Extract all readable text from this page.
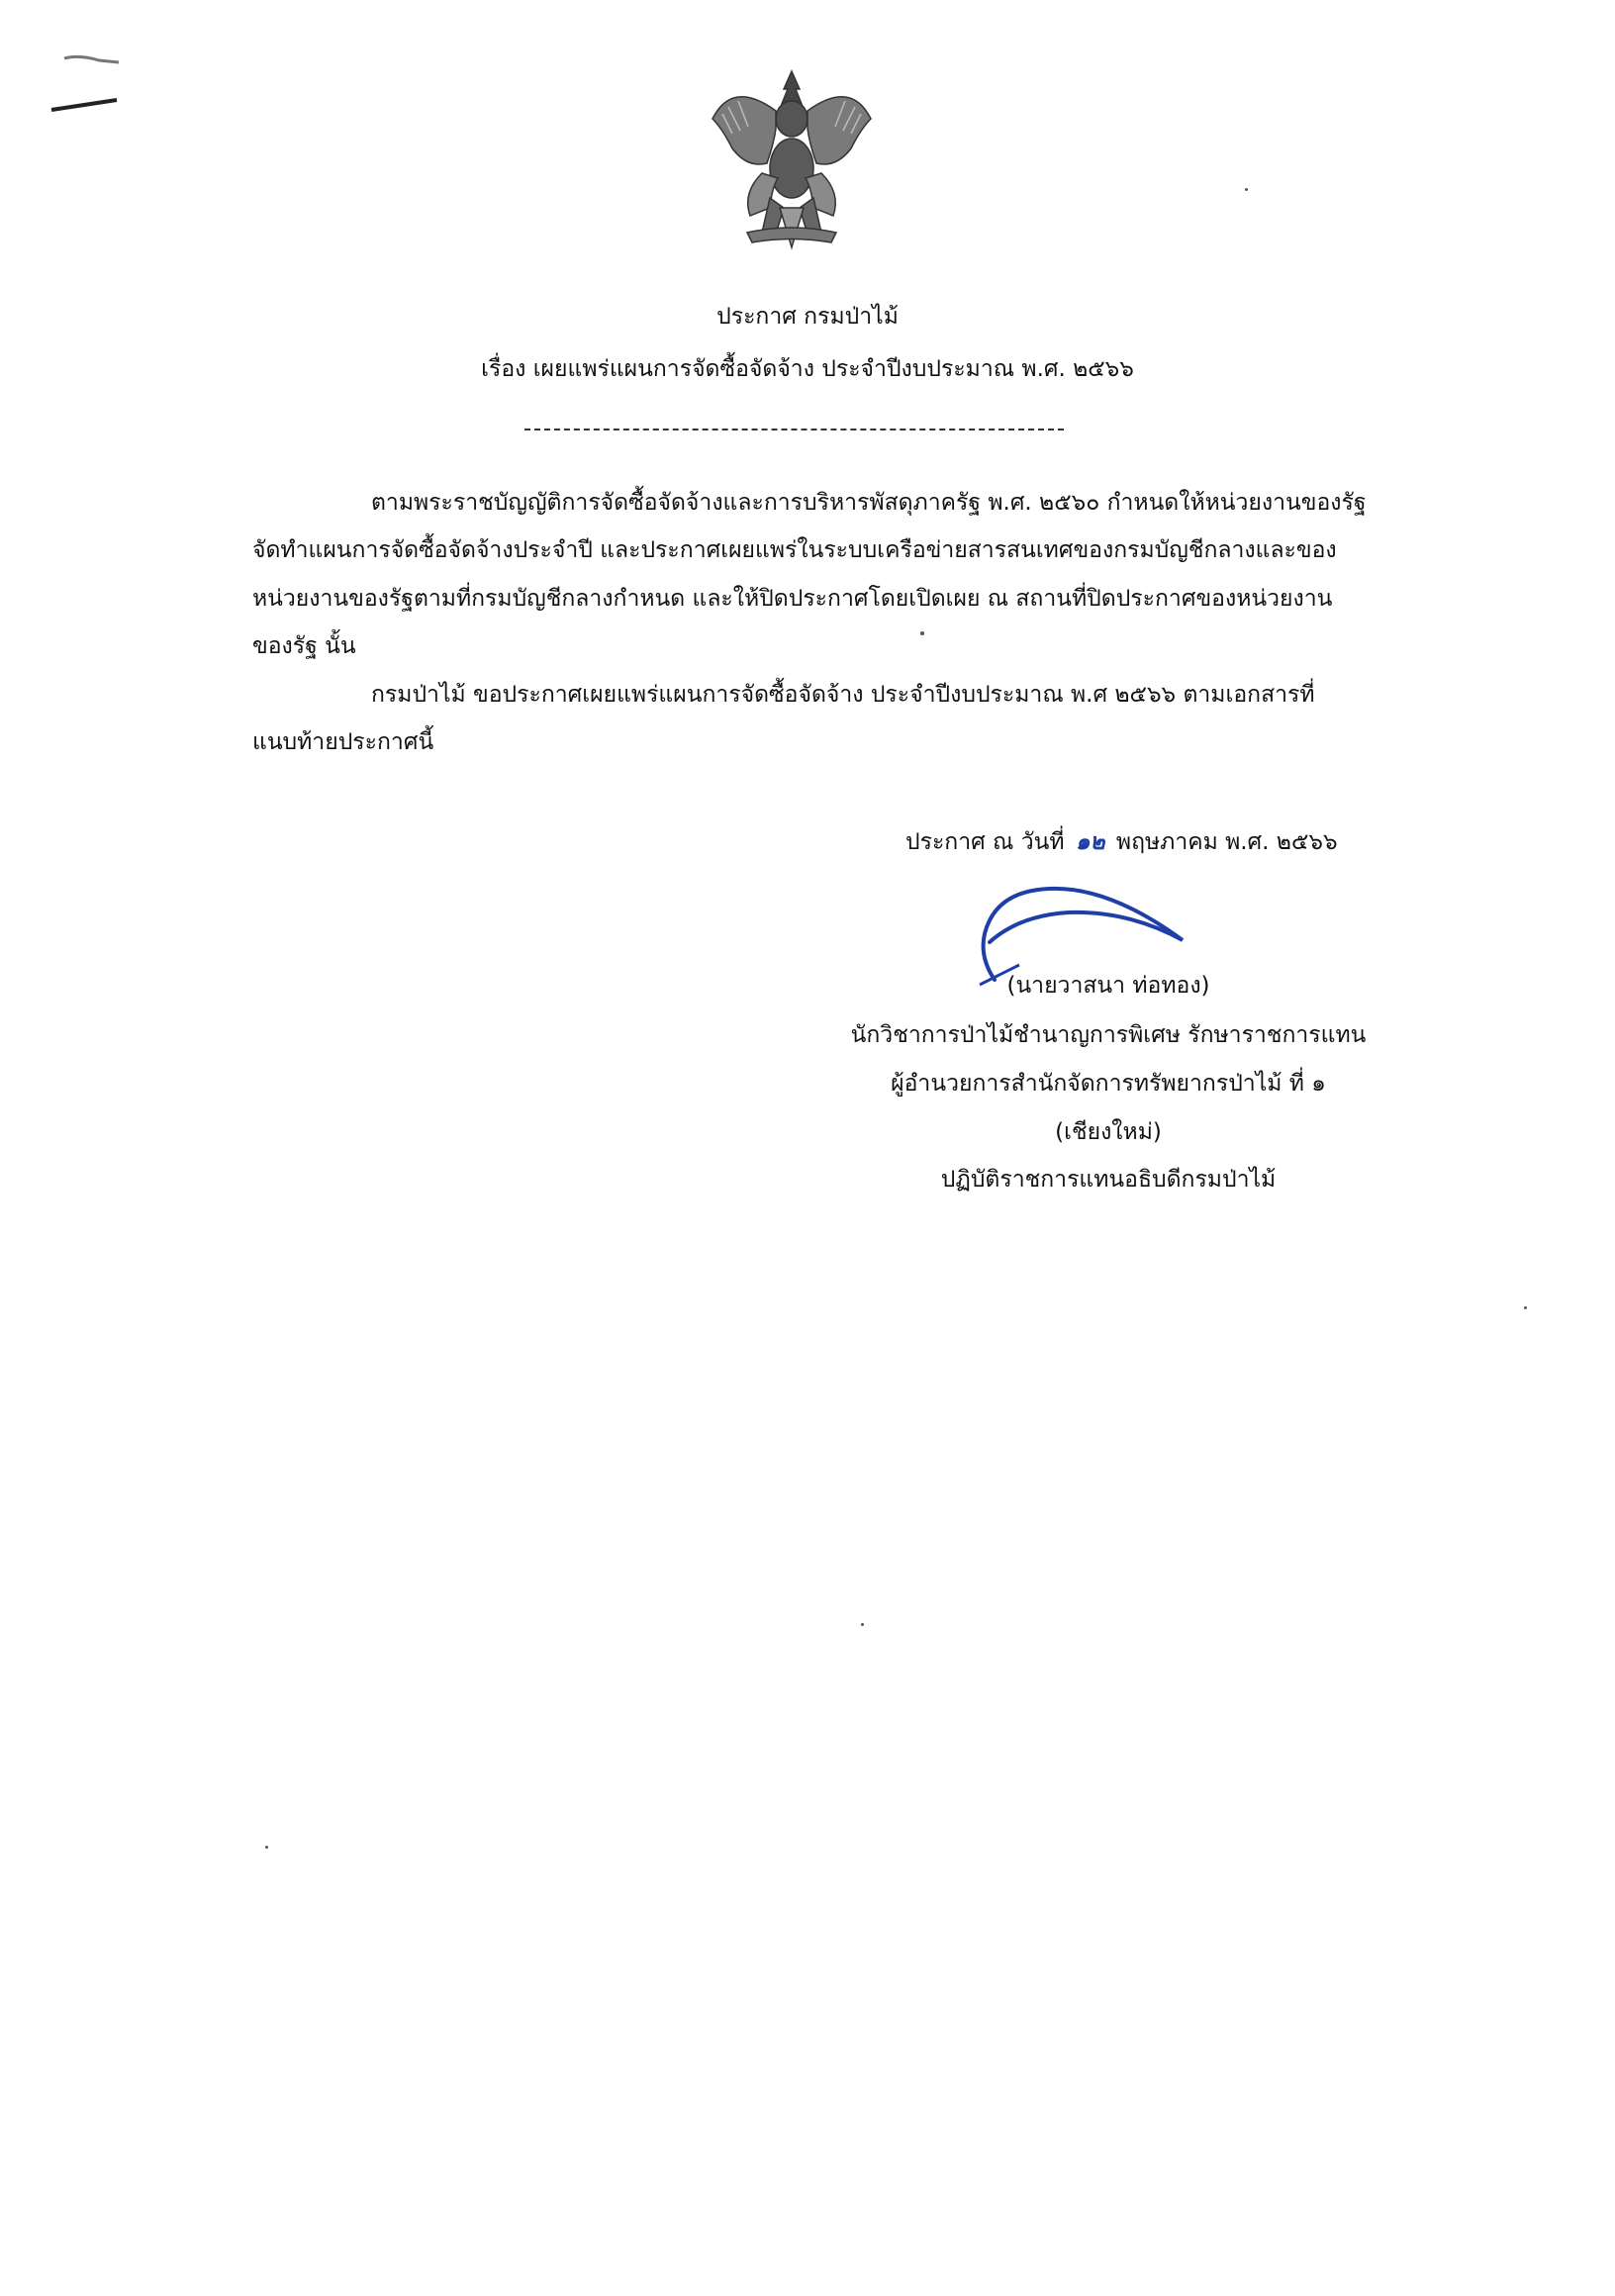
ประกาศ กรมป่าไม้
เรื่อง เผยแพร่แผนการจัดซื้อจัดจ้าง ประจำปีงบประมาณ พ.ศ. ๒๕๖๖
ตามพระราชบัญญัติการจัดซื้อจัดจ้างและการบริหารพัสดุภาครัฐ พ.ศ. ๒๕๖๐ กำหนดให้หน่วยงานของรัฐ
จัดทำแผนการจัดซื้อจัดจ้างประจำปี และประกาศเผยแพร่ในระบบเครือข่ายสารสนเทศของกรมบัญชีกลางและของ
หน่วยงานของรัฐตามที่กรมบัญชีกลางกำหนด และให้ปิดประกาศโดยเปิดเผย ณ สถานที่ปิดประกาศของหน่วยงาน
ของรัฐ นั้น
กรมป่าไม้ ขอประกาศเผยแพร่แผนการจัดซื้อจัดจ้าง ประจำปีงบประมาณ พ.ศ ๒๕๖๖ ตามเอกสารที่
แนบท้ายประกาศนี้
ประกาศ ณ วันที่ ๑๒ พฤษภาคม พ.ศ. ๒๕๖๖
(นายวาสนา ท่อทอง)
นักวิชาการป่าไม้ชำนาญการพิเศษ รักษาราชการแทน
ผู้อำนวยการสำนักจัดการทรัพยากรป่าไม้ ที่ ๑
(เชียงใหม่)
ปฏิบัติราชการแทนอธิบดีกรมป่าไม้
